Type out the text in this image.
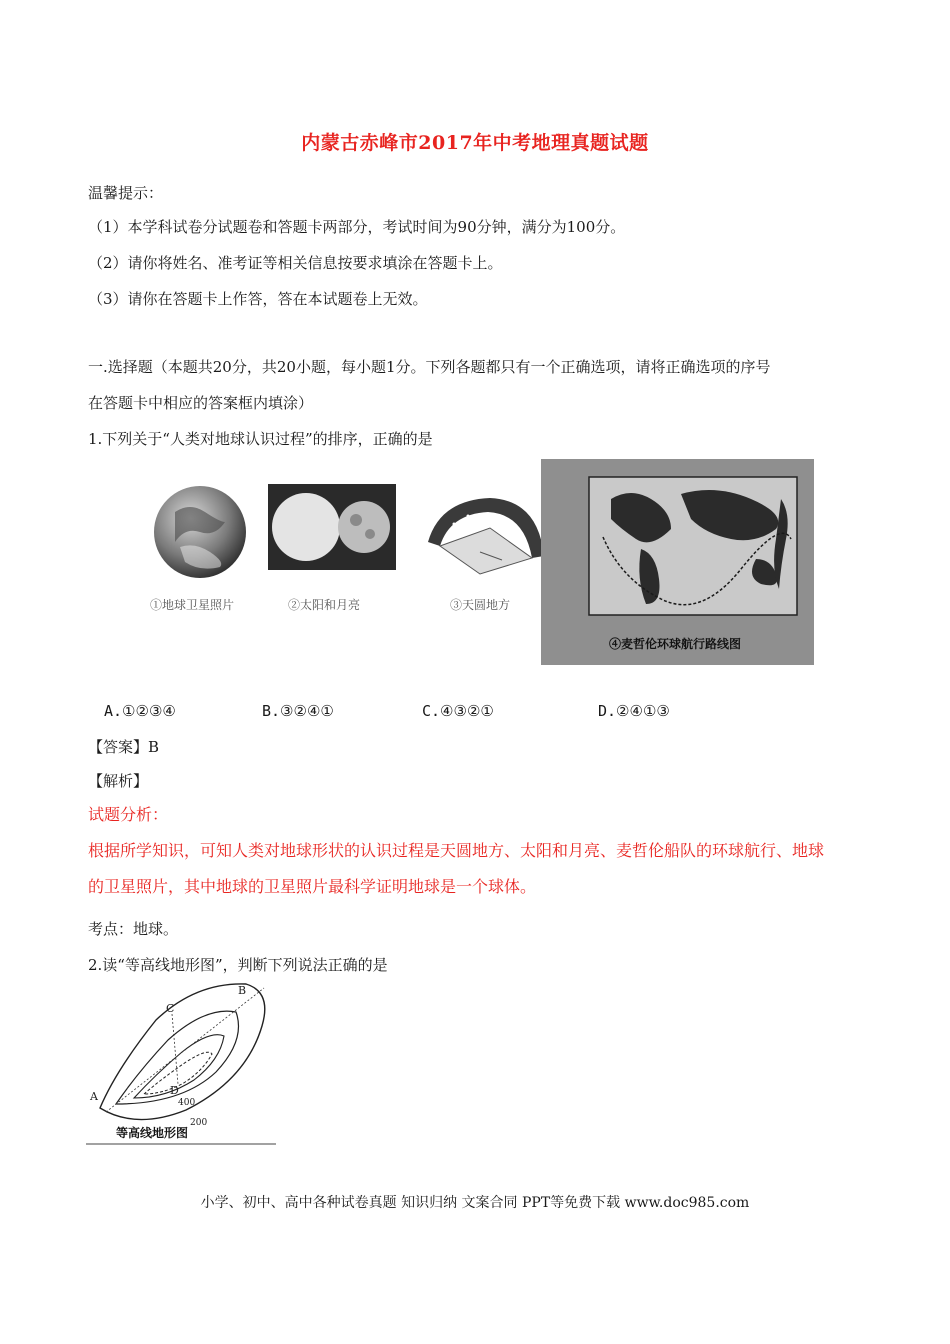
内蒙古赤峰市2017年中考地理真题试题
温馨提示：
（1）本学科试卷分试题卷和答题卡两部分，考试时间为90分钟，满分为100分。
（2）请你将姓名、准考证等相关信息按要求填涂在答题卡上。
（3）请你在答题卡上作答，答在本试题卷上无效。
一.选择题（本题共20分，共20小题，每小题1分。下列各题都只有一个正确选项，请将正确选项的序号
在答题卡中相应的答案框内填涂）
1.下列关于“人类对地球认识过程”的排序，正确的是
①地球卫星照片	②太阳和月亮	③天圆地方
④麦哲伦环球航行路线图
A.①②③④	B.③②④①	C.④③②①	D.②④①③
【答案】B
【解析】
试题分析：
根据所学知识，可知人类对地球形状的认识过程是天圆地方、太阳和月亮、麦哲伦船队的环球航行、地球
的卫星照片，其中地球的卫星照片最科学证明地球是一个球体。
考点：地球。
2.读“等高线地形图”，判断下列说法正确的是
A
B
C
D
400
200
等高线地形图
小学、初中、高中各种试卷真题 知识归纳 文案合同 PPT等免费下载 www.doc985.com
